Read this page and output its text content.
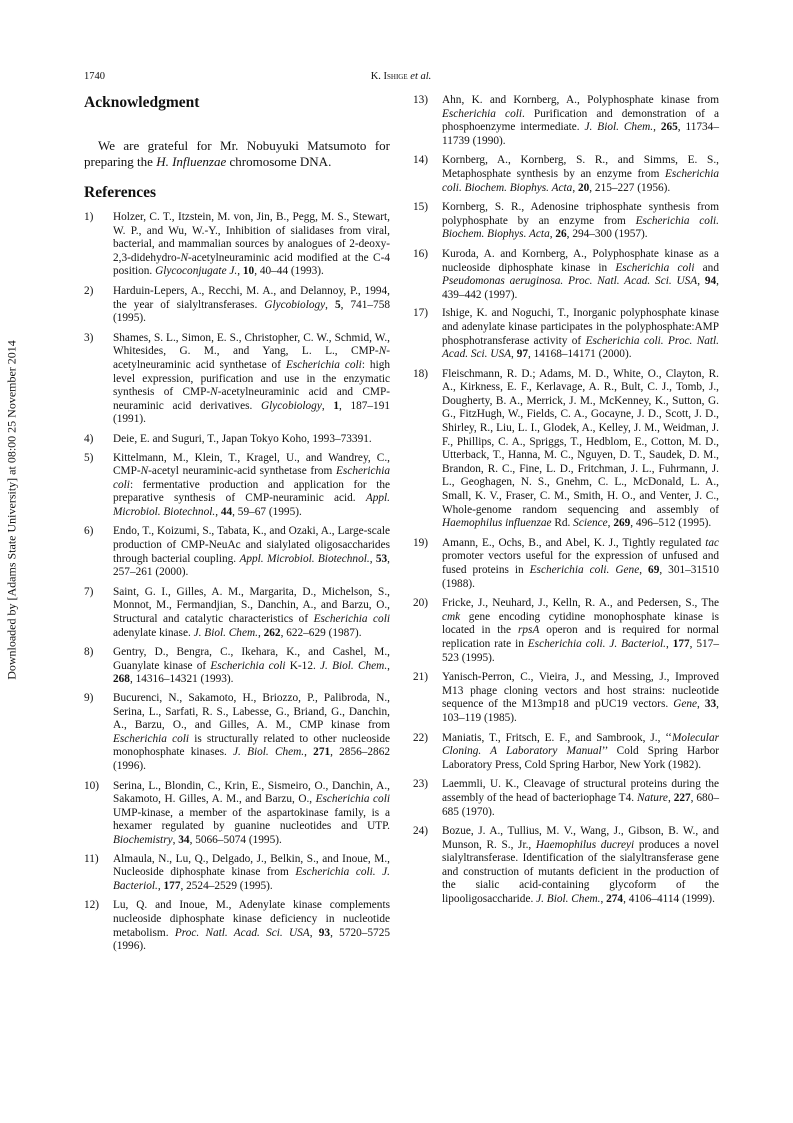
1740	K. Ishige et al.
Downloaded by [Adams State University] at 08:00 25 November 2014
Acknowledgment

We are grateful for Mr. Nobuyuki Matsumoto for preparing the H. Influenzae chromosome DNA.

References
1) Holzer, C. T., Itzstein, M. von, Jin, B., Pegg, M. S., Stewart, W. P., and Wu, W.-Y., Inhibition of sialidases from viral, bacterial, and mammalian sources by analogues of 2-deoxy-2,3-didehydro-N-acetylneuraminic acid modified at the C-4 position. Glycoconjugate J., 10, 40–44 (1993).
2) Harduin-Lepers, A., Recchi, M. A., and Delannoy, P., 1994, the year of sialyltransferases. Glycobiology, 5, 741–758 (1995).
3) Shames, S. L., Simon, E. S., Christopher, C. W., Schmid, W., Whitesides, G. M., and Yang, L. L., CMP-N-acetylneuraminic acid synthetase of Escherichia coli: high level expression, purification and use in the enzymatic synthesis of CMP-N-acetylneuraminic acid and CMP-neuraminic acid derivatives. Glycobiology, 1, 187–191 (1991).
4) Deie, E. and Suguri, T., Japan Tokyo Koho, 1993–73391.
5) Kittelmann, M., Klein, T., Kragel, U., and Wandrey, C., CMP-N-acetyl neuraminic-acid synthetase from Escherichia coli: fermentative production and application for the preparative synthesis of CMP-neuraminic acid. Appl. Microbiol. Biotechnol., 44, 59–67 (1995).
6) Endo, T., Koizumi, S., Tabata, K., and Ozaki, A., Large-scale production of CMP-NeuAc and sialylated oligosaccharides through bacterial coupling. Appl. Microbiol. Biotechnol., 53, 257–261 (2000).
7) Saint, G. I., Gilles, A. M., Margarita, D., Michelson, S., Monnot, M., Fermandjian, S., Danchin, A., and Barzu, O., Structural and catalytic characteristics of Escherichia coli adenylate kinase. J. Biol. Chem., 262, 622–629 (1987).
8) Gentry, D., Bengra, C., Ikehara, K., and Cashel, M., Guanylate kinase of Escherichia coli K-12. J. Biol. Chem., 268, 14316–14321 (1993).
9) Bucurenci, N., Sakamoto, H., Briozzo, P., Palibroda, N., Serina, L., Sarfati, R. S., Labesse, G., Briand, G., Danchin, A., Barzu, O., and Gilles, A. M., CMP kinase from Escherichia coli is structurally related to other nucleoside monophosphate kinases. J. Biol. Chem., 271, 2856–2862 (1996).
10) Serina, L., Blondin, C., Krin, E., Sismeiro, O., Danchin, A., Sakamoto, H. Gilles, A. M., and Barzu, O., Escherichia coli UMP-kinase, a member of the aspartokinase family, is a hexamer regulated by guanine nucleotides and UTP. Biochemistry, 34, 5066–5074 (1995).
11) Almaula, N., Lu, Q., Delgado, J., Belkin, S., and Inoue, M., Nucleoside diphosphate kinase from Escherichia coli. J. Bacteriol., 177, 2524–2529 (1995).
12) Lu, Q. and Inoue, M., Adenylate kinase complements nucleoside diphosphate kinase deficiency in nucleotide metabolism. Proc. Natl. Acad. Sci. USA, 93, 5720–5725 (1996).
13) Ahn, K. and Kornberg, A., Polyphosphate kinase from Escherichia coli. Purification and demonstration of a phosphoenzyme intermediate. J. Biol. Chem., 265, 11734–11739 (1990).
14) Kornberg, A., Kornberg, S. R., and Simms, E. S., Metaphosphate synthesis by an enzyme from Escherichia coli. Biochem. Biophys. Acta, 20, 215–227 (1956).
15) Kornberg, S. R., Adenosine triphosphate synthesis from polyphosphate by an enzyme from Escherichia coli. Biochem. Biophys. Acta, 26, 294–300 (1957).
16) Kuroda, A. and Kornberg, A., Polyphosphate kinase as a nucleoside diphosphate kinase in Escherichia coli and Pseudomonas aeruginosa. Proc. Natl. Acad. Sci. USA, 94, 439–442 (1997).
17) Ishige, K. and Noguchi, T., Inorganic polyphosphate kinase and adenylate kinase participates in the polyphosphate:AMP phosphotransferase activity of Escherichia coli. Proc. Natl. Acad. Sci. USA, 97, 14168–14171 (2000).
18) Fleischmann, R. D.; Adams, M. D., White, O., Clayton, R. A., Kirkness, E. F., Kerlavage, A. R., Bult, C. J., Tomb, J., Dougherty, B. A., Merrick, J. M., McKenney, K., Sutton, G. G., FitzHugh, W., Fields, C. A., Gocayne, J. D., Scott, J. D., Shirley, R., Liu, L. I., Glodek, A., Kelley, J. M., Weidman, J. F., Phillips, C. A., Spriggs, T., Hedblom, E., Cotton, M. D., Utterback, T., Hanna, M. C., Nguyen, D. T., Saudek, D. M., Brandon, R. C., Fine, L. D., Fritchman, J. L., Fuhrmann, J. L., Geoghagen, N. S., Gnehm, C. L., McDonald, L. A., Small, K. V., Fraser, C. M., Smith, H. O., and Venter, J. C., Whole-genome random sequencing and assembly of Haemophilus influenzae Rd. Science, 269, 496–512 (1995).
19) Amann, E., Ochs, B., and Abel, K. J., Tightly regulated tac promoter vectors useful for the expression of unfused and fused proteins in Escherichia coli. Gene, 69, 301–31510 (1988).
20) Fricke, J., Neuhard, J., Kelln, R. A., and Pedersen, S., The cmk gene encoding cytidine monophosphate kinase is located in the rpsA operon and is required for normal replication rate in Escherichia coli. J. Bacteriol., 177, 517–523 (1995).
21) Yanisch-Perron, C., Vieira, J., and Messing, J., Improved M13 phage cloning vectors and host strains: nucleotide sequence of the M13mp18 and pUC19 vectors. Gene, 33, 103–119 (1985).
22) Maniatis, T., Fritsch, E. F., and Sambrook, J., ‘‘Molecular Cloning. A Laboratory Manual’’ Cold Spring Harbor Laboratory Press, Cold Spring Harbor, New York (1982).
23) Laemmli, U. K., Cleavage of structural proteins during the assembly of the head of bacteriophage T4. Nature, 227, 680–685 (1970).
24) Bozue, J. A., Tullius, M. V., Wang, J., Gibson, B. W., and Munson, R. S., Jr., Haemophilus ducreyi produces a novel sialyltransferase. Identification of the sialyltransferase gene and construction of mutants deficient in the production of the sialic acid-containing glycoform of the lipooligosaccharide. J. Biol. Chem., 274, 4106–4114 (1999).
